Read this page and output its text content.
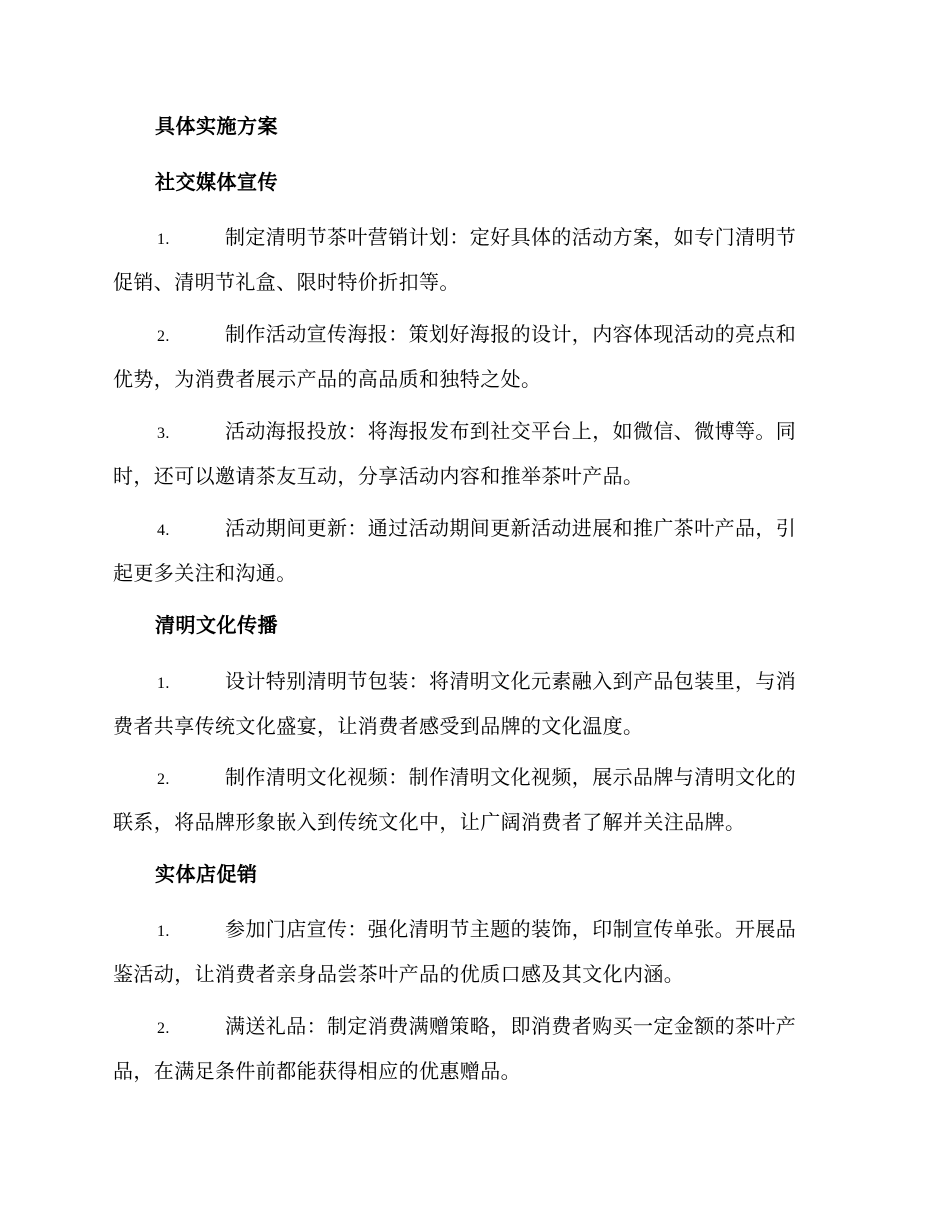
具体实施方案
社交媒体宣传
1.	制定清明节茶叶营销计划：定好具体的活动方案，如专门清明节
促销、清明节礼盒、限时特价折扣等。
2.	制作活动宣传海报：策划好海报的设计，内容体现活动的亮点和
优势，为消费者展示产品的高品质和独特之处。
3.	活动海报投放：将海报发布到社交平台上，如微信、微博等。同
时，还可以邀请茶友互动，分享活动内容和推举茶叶产品。
4.	活动期间更新：通过活动期间更新活动进展和推广茶叶产品，引
起更多关注和沟通。
清明文化传播
1.	设计特别清明节包装：将清明文化元素融入到产品包装里，与消
费者共享传统文化盛宴，让消费者感受到品牌的文化温度。
2.	制作清明文化视频：制作清明文化视频，展示品牌与清明文化的
联系，将品牌形象嵌入到传统文化中，让广阔消费者了解并关注品牌。
实体店促销
1.	参加门店宣传：强化清明节主题的装饰，印制宣传单张。开展品
鉴活动，让消费者亲身品尝茶叶产品的优质口感及其文化内涵。
2.	满送礼品：制定消费满赠策略，即消费者购买一定金额的茶叶产
品，在满足条件前都能获得相应的优惠赠品。
